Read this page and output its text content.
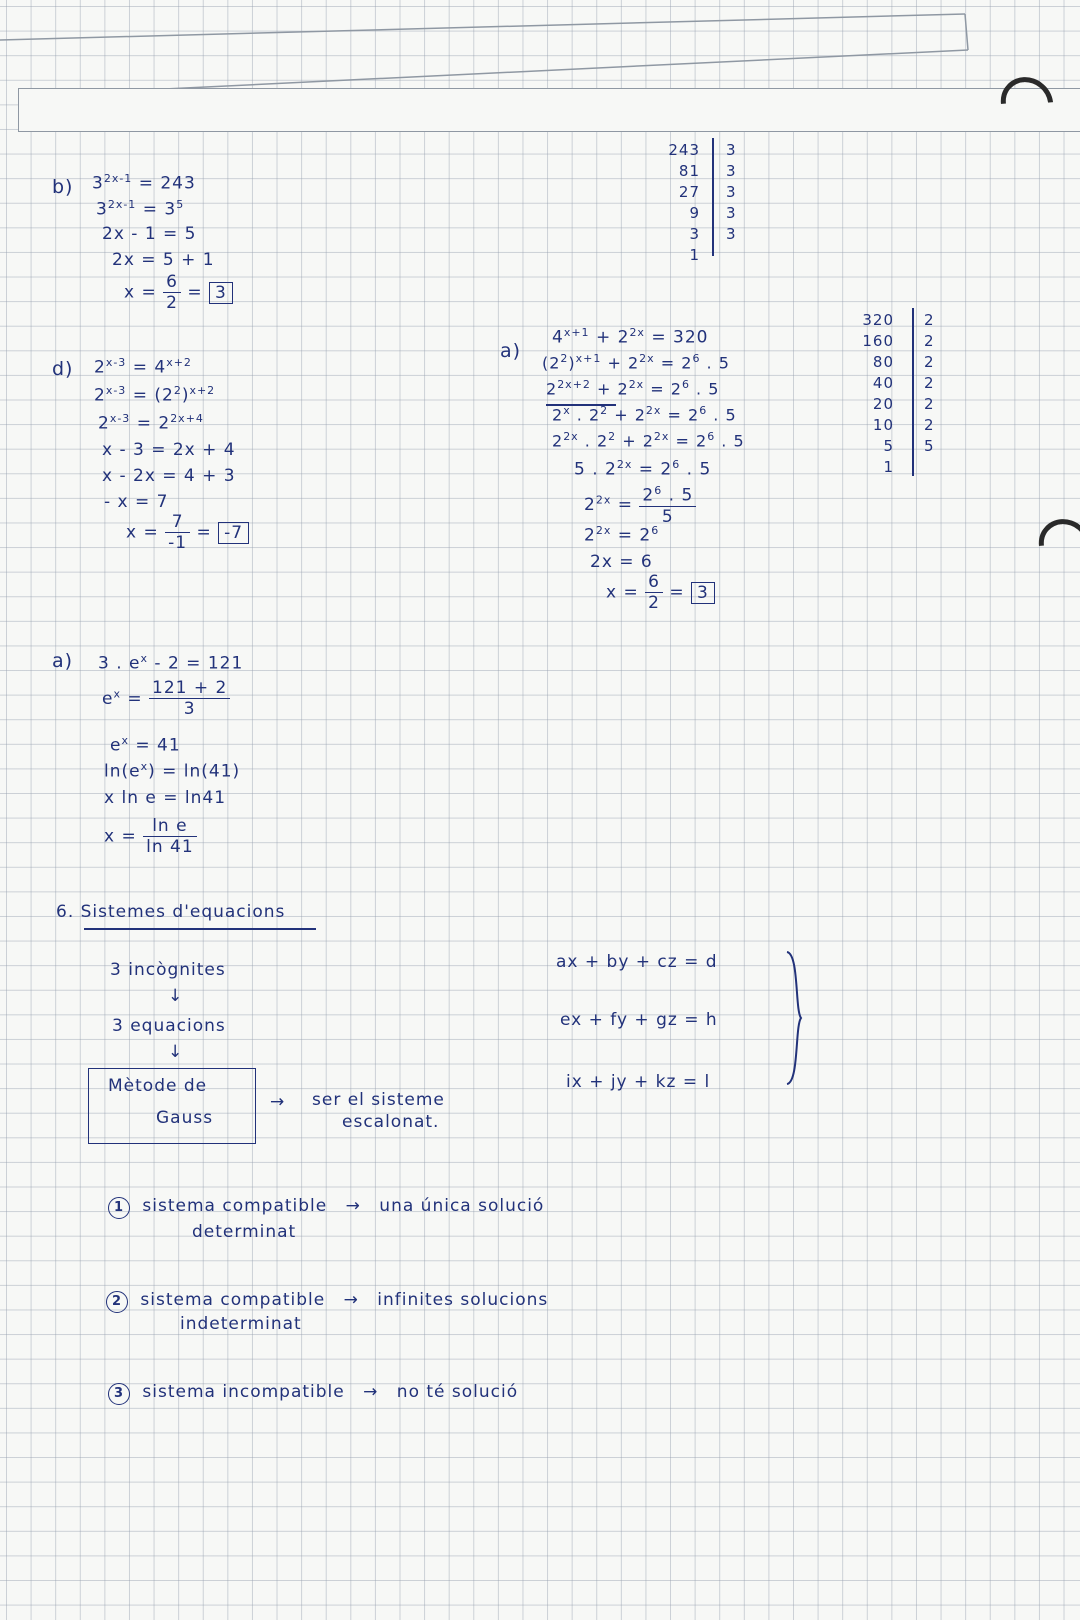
b) $3^{2x-1} = 243$
$3^{2x-1} = 3^5$
2x - 1 = 5
2x = 5 + 1
$x = \frac{6}{2} = 3$
243
81
27
9
3
1
3
3
3
3
3
d) $2^{x-3} = 4^{x+2}$
$2^{x-3} = (2^2)^{x+2}$
$2^{x-3} = 2^{2x+4}$
x - 3 = 2x + 4
x - 2x = 4 + 3
- x = 7
$x = \frac{7}{-1} = -7$
a)
$4^{x+1} + 2^{2x} = 320$
$(2^2)^{x+1} + 2^{2x} = 2^6$ . 5
$2^{2x+2} + 2^{2x} = 2^6$ . 5
2$^x$ . $2^2 + 2^{2x} = 2^6$ . 5
$2^{2x}$ . $2^2 + 2^{2x} = 2^6$ . 5
5 . $2^{2x} = 2^6$ . 5
$2^{2x} = \frac{2^6 . 5}{5}$
$2^{2x} = 2^6$
2x = 6
$x = \frac{6}{2} = 3$
320
160
80
40
20
10
5
1
2
2
2
2
2
2
5
a) 3 . $e^x - 2 = 121$
$e^x = \frac{121 + 2}{3}$
$e^x = 41$
$\ln(e^x) = \ln(41)$
x ln e = ln41
$x = \frac{\text{ln e}}{\ln 41}$
6. Sistemes d'equacions
3 incògnites
↓
3 equacions
↓
Mètode de
Gauss
→ ser el sisteme
escalonat.
ax + by + cz = d
ex + fy + gz = h
ix + jy + kz = l
1 sistema compatible → una única solució
determinat
2 sistema compatible → infinites solucions
indeterminat
3 sistema incompatible → no té solució
